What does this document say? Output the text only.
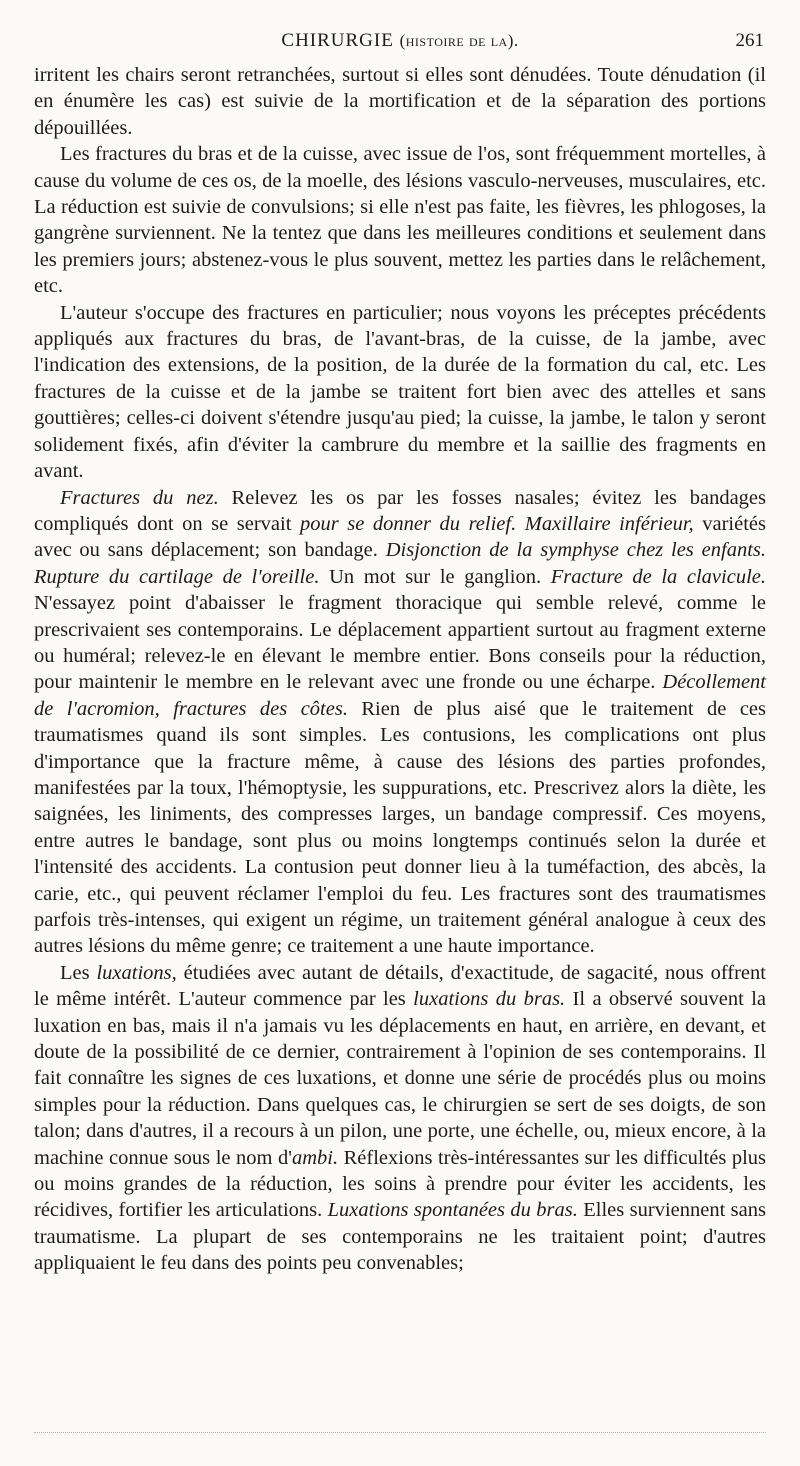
CHIRURGIE (histoire de la).	261

irritent les chairs seront retranchées, surtout si elles sont dénudées. Toute dénudation (il en énumère les cas) est suivie de la mortification et de la séparation des portions dépouillées.

Les fractures du bras et de la cuisse, avec issue de l'os, sont fréquemment mortelles, à cause du volume de ces os, de la moelle, des lésions vasculo-nerveuses, musculaires, etc. La réduction est suivie de convulsions; si elle n'est pas faite, les fièvres, les phlogoses, la gangrène surviennent. Ne la tentez que dans les meilleures conditions et seulement dans les premiers jours; abstenez-vous le plus souvent, mettez les parties dans le relâchement, etc.

L'auteur s'occupe des fractures en particulier; nous voyons les préceptes précédents appliqués aux fractures du bras, de l'avant-bras, de la cuisse, de la jambe, avec l'indication des extensions, de la position, de la durée de la formation du cal, etc. Les fractures de la cuisse et de la jambe se traitent fort bien avec des attelles et sans gouttières; celles-ci doivent s'étendre jusqu'au pied; la cuisse, la jambe, le talon y seront solidement fixés, afin d'éviter la cambrure du membre et la saillie des fragments en avant.

Fractures du nez. Relevez les os par les fosses nasales; évitez les bandages compliqués dont on se servait pour se donner du relief. Maxillaire inférieur, variétés avec ou sans déplacement; son bandage. Disjonction de la symphyse chez les enfants. Rupture du cartilage de l'oreille. Un mot sur le ganglion. Fracture de la clavicule. N'essayez point d'abaisser le fragment thoracique qui semble relevé, comme le prescrivaient ses contemporains. Le déplacement appartient surtout au fragment externe ou huméral; relevez-le en élevant le membre entier. Bons conseils pour la réduction, pour maintenir le membre en le relevant avec une fronde ou une écharpe. Décollement de l'acromion, fractures des côtes. Rien de plus aisé que le traitement de ces traumatismes quand ils sont simples. Les contusions, les complications ont plus d'importance que la fracture même, à cause des lésions des parties profondes, manifestées par la toux, l'hémoptysie, les suppurations, etc. Prescrivez alors la diète, les saignées, les liniments, des compresses larges, un bandage compressif. Ces moyens, entre autres le bandage, sont plus ou moins longtemps continués selon la durée et l'intensité des accidents. La contusion peut donner lieu à la tuméfaction, des abcès, la carie, etc., qui peuvent réclamer l'emploi du feu. Les fractures sont des traumatismes parfois très-intenses, qui exigent un régime, un traitement général analogue à ceux des autres lésions du même genre; ce traitement a une haute importance.

Les luxations, étudiées avec autant de détails, d'exactitude, de sagacité, nous offrent le même intérêt. L'auteur commence par les luxations du bras. Il a observé souvent la luxation en bas, mais il n'a jamais vu les déplacements en haut, en arrière, en devant, et doute de la possibilité de ce dernier, contrairement à l'opinion de ses contemporains. Il fait connaître les signes de ces luxations, et donne une série de procédés plus ou moins simples pour la réduction. Dans quelques cas, le chirurgien se sert de ses doigts, de son talon; dans d'autres, il a recours à un pilon, une porte, une échelle, ou, mieux encore, à la machine connue sous le nom d'ambi. Réflexions très-intéressantes sur les difficultés plus ou moins grandes de la réduction, les soins à prendre pour éviter les accidents, les récidives, fortifier les articulations. Luxations spontanées du bras. Elles surviennent sans traumatisme. La plupart de ses contemporains ne les traitaient point; d'autres appliquaient le feu dans des points peu convenables;
